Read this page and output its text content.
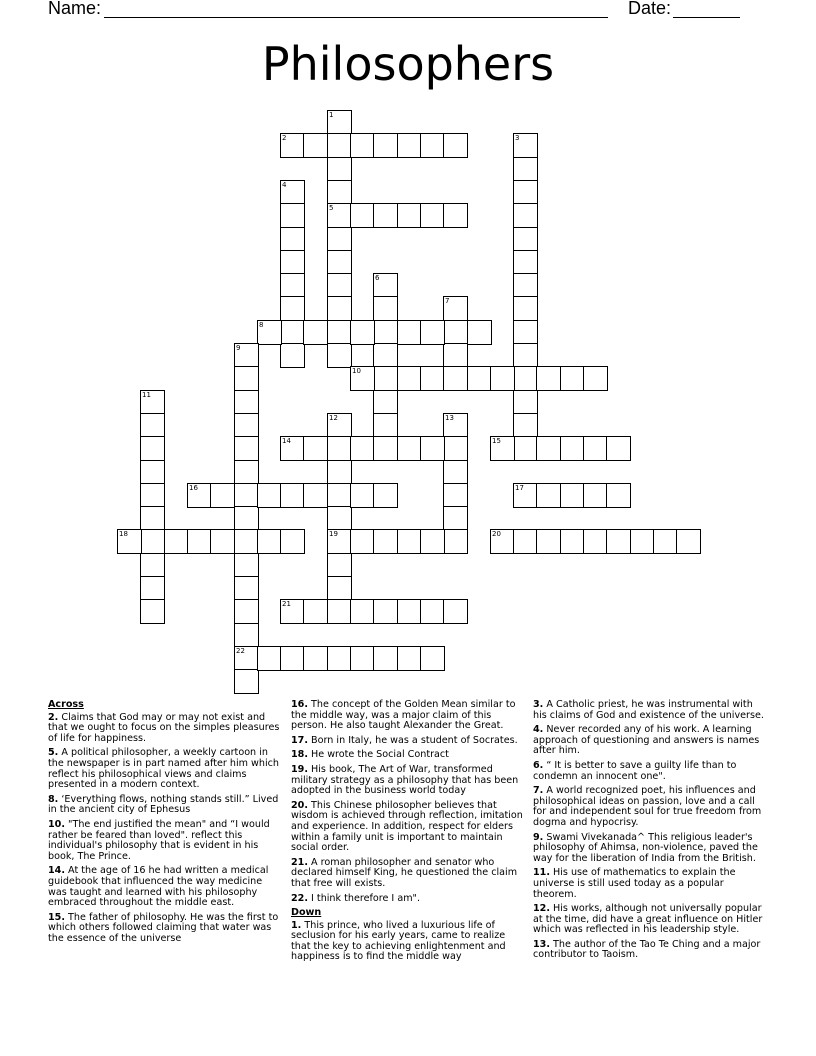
Name:	Date:
Philosophers
1
5
2	3
4
6
7
8
9
22
10
11
12
19
13
14	15
16	17
18	20
21
Across
2. Claims that God may or may not exist and that we ought to focus on the simples pleasures of life for happiness.
5. A political philosopher, a weekly cartoon in the newspaper is in part named after him which reflect his philosophical views and claims presented in a modern context.
8. ‘Everything flows, nothing stands still.” Lived in the ancient city of Ephesus
10. "The end justified the mean" and “I would rather be feared than loved". reflect this individual's philosophy that is evident in his book, The Prince.
14. At the age of 16 he had written a medical guidebook that influenced the way medicine was taught and learned with his philosophy embraced throughout the middle east.
15. The father of philosophy. He was the first to which others followed claiming that water was the essence of the universe
16. The concept of the Golden Mean similar to the middle way, was a major claim of this person. He also taught Alexander the Great.
17. Born in Italy, he was a student of Socrates.
18. He wrote the Social Contract
19. His book, The Art of War, transformed military strategy as a philosophy that has been adopted in the business world today
20. This Chinese philosopher believes that wisdom is achieved through reflection, imitation and experience. In addition, respect for elders within a family unit is important to maintain social order.
21. A roman philosopher and senator who declared himself King, he questioned the claim that free will exists.
22. I think therefore I am".
Down
1. This prince, who lived a luxurious life of seclusion for his early years, came to realize that the key to achieving enlightenment and happiness is to find the middle way
3. A Catholic priest, he was instrumental with his claims of God and existence of the universe.
4. Never recorded any of his work. A learning approach of questioning and answers is names after him.
6. “ It is better to save a guilty life than to condemn an innocent one".
7. A world recognized poet, his influences and philosophical ideas on passion, love and a call for and independent soul for true freedom from dogma and hypocrisy.
9. Swami Vivekanada^ This religious leader's philosophy of Ahimsa, non-violence, paved the way for the liberation of India from the British.
11. His use of mathematics to explain the universe is still used today as a popular theorem.
12. His works, although not universally popular at the time, did have a great influence on Hitler which was reflected in his leadership style.
13. The author of the Tao Te Ching and a major contributor to Taoism.
